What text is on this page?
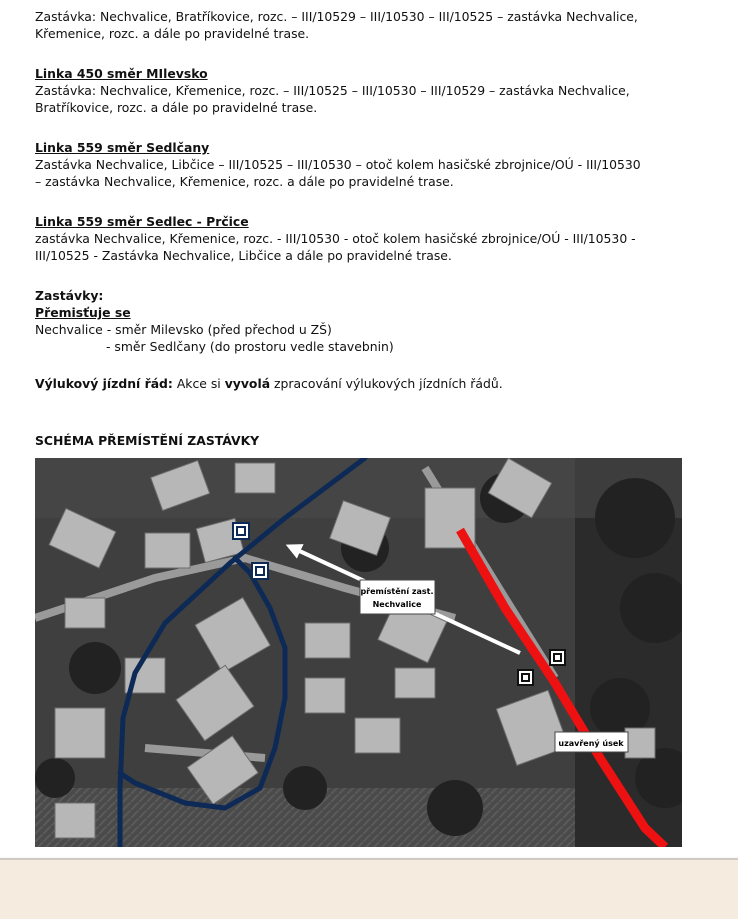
Zastávka: Nechvalice, Bratříkovice, rozc. – III/10529 – III/10530 – III/10525 – zastávka Nechvalice,
Křemenice, rozc. a dále po pravidelné trase.
Linka 450 směr MIlevsko
Zastávka: Nechvalice, Křemenice, rozc. – III/10525 – III/10530 – III/10529 – zastávka Nechvalice,
Bratříkovice, rozc. a dále po pravidelné trase.
Linka 559 směr Sedlčany
Zastávka Nechvalice, Libčice – III/10525 – III/10530 – otoč kolem hasičské zbrojnice/OÚ - III/10530
– zastávka Nechvalice, Křemenice, rozc. a dále po pravidelné trase.
Linka 559 směr Sedlec - Prčice
zastávka Nechvalice, Křemenice, rozc. - III/10530 - otoč kolem hasičské zbrojnice/OÚ - III/10530 -
III/10525 - Zastávka Nechvalice, Libčice a dále po pravidelné trase.
Zastávky:
Přemisťuje se
Nechvalice - směr Milevsko (před přechod u ZŠ)
- směr Sedlčany (do prostoru vedle stavebnin)
Výlukový jízdní řád: Akce si vyvolá zpracování výlukových jízdních řádů.
SCHÉMA PŘEMÍSTĚNÍ ZASTÁVKY
přemístění zast.
Nechvalice
uzavřený úsek
